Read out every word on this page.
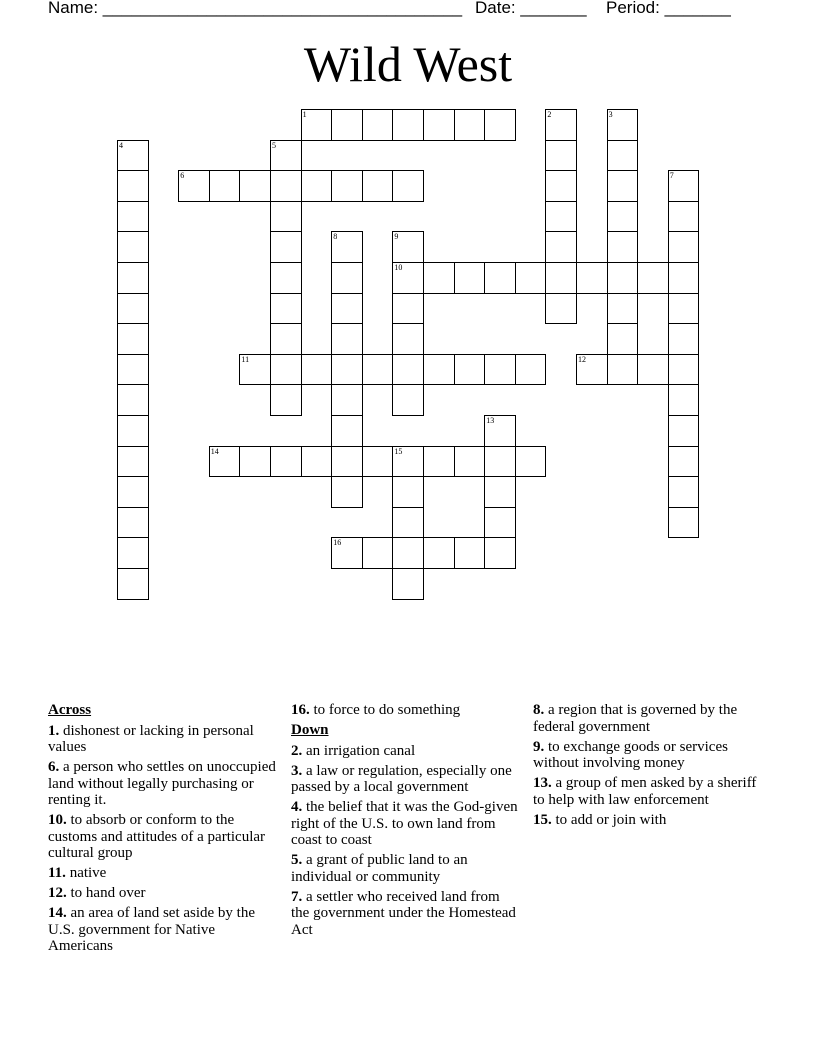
Name: ______________________________________ Date: _______ Period: _______
Wild West
1	2	3
4	5
6	7
8	9
10
11	12
13
14	15
16
Across
1. dishonest or lacking in personal values
6. a person who settles on unoccupied land without legally purchasing or renting it.
10. to absorb or conform to the customs and attitudes of a particular cultural group
11. native
12. to hand over
14. an area of land set aside by the U.S. government for Native Americans
16. to force to do something
Down
2. an irrigation canal
3. a law or regulation, especially one passed by a local government
4. the belief that it was the God-given right of the U.S. to own land from coast to coast
5. a grant of public land to an individual or community
7. a settler who received land from the government under the Homestead Act
8. a region that is governed by the federal government
9. to exchange goods or services without involving money
13. a group of men asked by a sheriff to help with law enforcement
15. to add or join with
